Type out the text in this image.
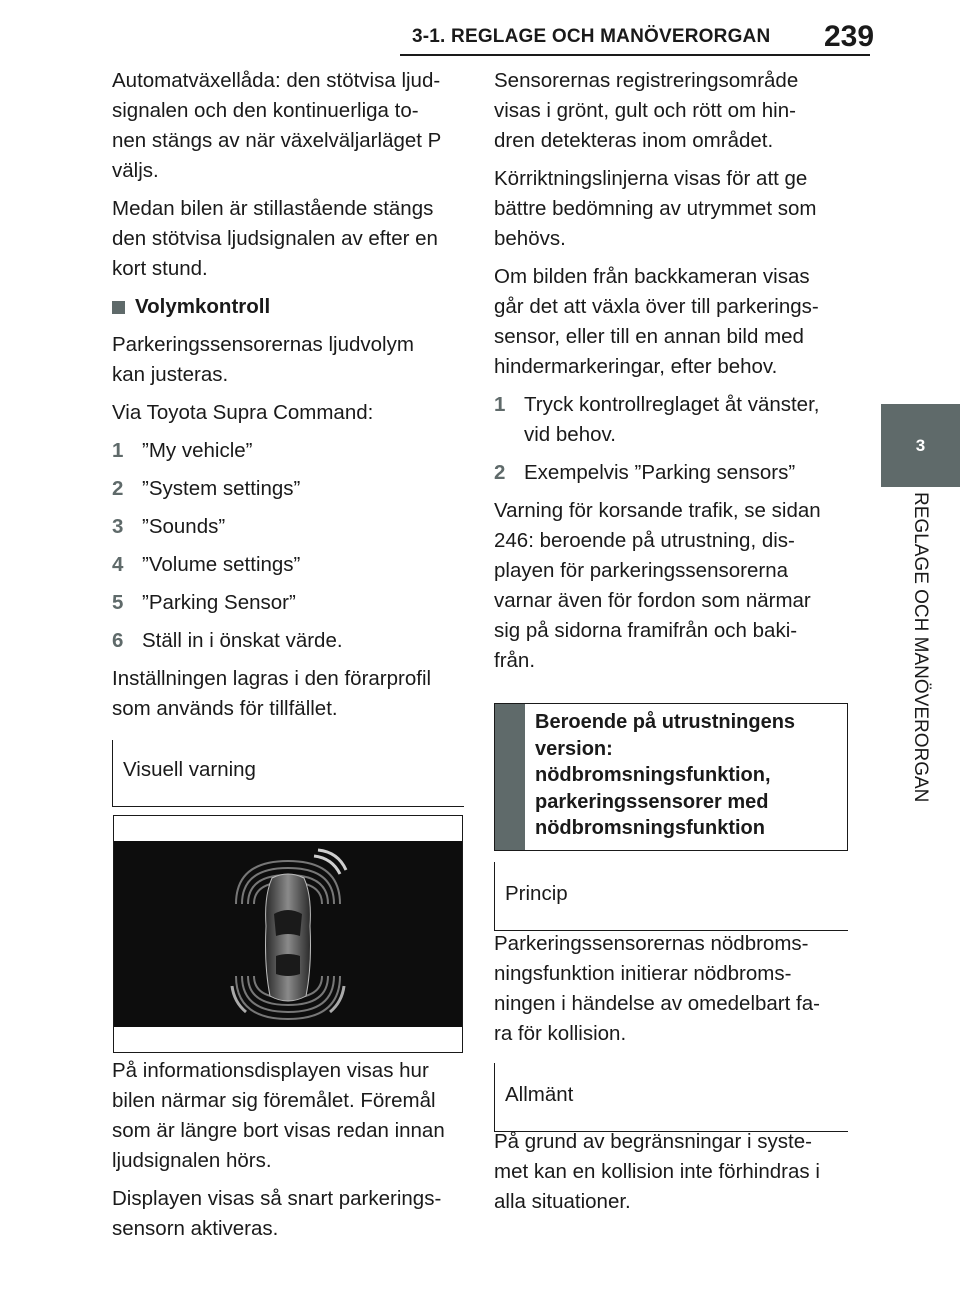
3-1. REGLAGE OCH MANÖVERORGAN 239
3
REGLAGE OCH MANÖVERORGAN
Automatväxellåda: den stötvisa ljud-
signalen och den kontinuerliga to-
nen stängs av när växelväljarläget P
väljs.
Medan bilen är stillastående stängs
den stötvisa ljudsignalen av efter en
kort stund.
Volymkontroll
Parkeringssensorernas ljudvolym
kan justeras.
Via Toyota Supra Command:
1 ”My vehicle”
2 ”System settings”
3 ”Sounds”
4 ”Volume settings”
5 ”Parking Sensor”
6 Ställ in i önskat värde.
Inställningen lagras i den förarprofil
som används för tillfället.
Visuell varning
På informationsdisplayen visas hur
bilen närmar sig föremålet. Föremål
som är längre bort visas redan innan
ljudsignalen hörs.
Displayen visas så snart parkerings-
sensorn aktiveras.
Sensorernas registreringsområde
visas i grönt, gult och rött om hin-
dren detekteras inom området.
Körriktningslinjerna visas för att ge
bättre bedömning av utrymmet som
behövs.
Om bilden från backkameran visas
går det att växla över till parkerings-
sensor, eller till en annan bild med
hindermarkeringar, efter behov.
1 Tryck kontrollreglaget åt vänster,
vid behov.
2 Exempelvis ”Parking sensors”
Varning för korsande trafik, se sidan
246: beroende på utrustning, dis-
playen för parkeringssensorerna
varnar även för fordon som närmar
sig på sidorna framifrån och baki-
från.
Beroende på utrustningens
version:
nödbromsningsfunktion,
parkeringssensorer med
nödbromsningsfunktion
Princip
Parkeringssensorernas nödbroms-
ningsfunktion initierar nödbroms-
ningen i händelse av omedelbart fa-
ra för kollision.
Allmänt
På grund av begränsningar i syste-
met kan en kollision inte förhindras i
alla situationer.
